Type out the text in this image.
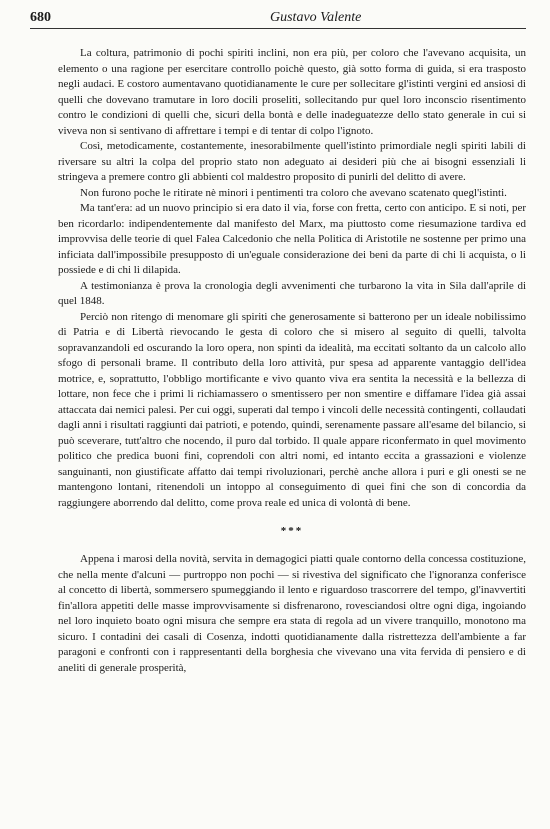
680	Gustavo Valente

La coltura, patrimonio di pochi spiriti inclini, non era più, per coloro che l'avevano acquisita, un elemento o una ragione per esercitare controllo poichè questo, già sotto forma di guida, si era trasposto negli audaci. E costoro aumentavano quotidianamente le cure per sollecitare gl'istinti vergini ed ansiosi di quelli che dovevano tramutare in loro docili proseliti, sollecitando pur quel loro inconscio risentimento contro le condizioni di quelli che, sicuri della bontà e delle inadeguatezze dello stato generale in cui si viveva non si sentivano di affrettare i tempi e di tentar di colpo l'ignoto.

Così, metodicamente, costantemente, inesorabilmente quell'istinto primordiale negli spiriti labili di riversare su altri la colpa del proprio stato non adeguato ai desideri più che ai bisogni essenziali li stringeva a premere contro gli abbienti col maldestro proposito di punirli del delitto di avere.

Non furono poche le ritirate nè minori i pentimenti tra coloro che avevano scatenato quegl'istinti.

Ma tant'era: ad un nuovo principio si era dato il via, forse con fretta, certo con anticipo. E si noti, per ben ricordarlo: indipendentemente dal manifesto del Marx, ma piuttosto come riesumazione tardiva ed improvvisa delle teorie di quel Falea Calcedonio che nella Politica di Aristotile ne sostenne per primo una inficiata dall'impossibile presupposto di un'eguale considerazione dei beni da parte di chi li acquista, o li possiede e di chi li dilapida.

A testimonianza è prova la cronologia degli avvenimenti che turbarono la vita in Sila dall'aprile di quel 1848.

Perciò non ritengo di menomare gli spiriti che generosamente si batterono per un ideale nobilissimo di Patria e di Libertà rievocando le gesta di coloro che si misero al seguito di quelli, talvolta sopravanzandoli ed oscurando la loro opera, non spinti da idealità, ma eccitati soltanto da un calcolo allo sfogo di personali brame. Il contributo della loro attività, pur spesa ad apparente vantaggio dell'idea motrice, e, soprattutto, l'obbligo mortificante e vivo quanto viva era sentita la necessità e la bellezza di lottare, non fece che i primi li richiamassero o smentissero per non smentire e diffamare l'idea già assai attaccata dai nemici palesi. Per cui oggi, superati dal tempo i vincoli delle necessità contingenti, collaudati dagli anni i risultati raggiunti dai patrioti, e potendo, quindi, serenamente passare all'esame del bilancio, si può sceverare, tutt'altro che nocendo, il puro dal torbido. Il quale appare riconfermato in quel movimento politico che predica buoni fini, coprendoli con altri nomi, ed intanto eccita a grassazioni e violenze sanguinanti, non giustificate affatto dai tempi rivoluzionari, perchè anche allora i puri e gli onesti se ne mantengono lontani, ritenendoli un intoppo al conseguimento di quei fini che son di concordia da raggiungere aborrendo dal delitto, come prova reale ed unica di volontà di bene.

***

Appena i marosi della novità, servita in demagogici piatti quale contorno della concessa costituzione, che nella mente d'alcuni — purtroppo non pochi — si rivestiva del significato che l'ignoranza conferisce al concetto di libertà, sommersero spumeggiando il lento e riguardoso trascorrere del tempo, gl'inavvertiti fin'allora appetiti delle masse improvvisamente si disfrenarono, rovesciandosi oltre ogni diga, ingoiando nel loro inquieto boato ogni misura che sempre era stata di regola ad un vivere tranquillo, monotono ma sicuro. I contadini dei casali di Cosenza, indotti quotidianamente dalla ristrettezza dell'ambiente a far paragoni e confronti con i rappresentanti della borghesia che vivevano una vita fervida di pensiero e di aneliti di generale prosperità,
